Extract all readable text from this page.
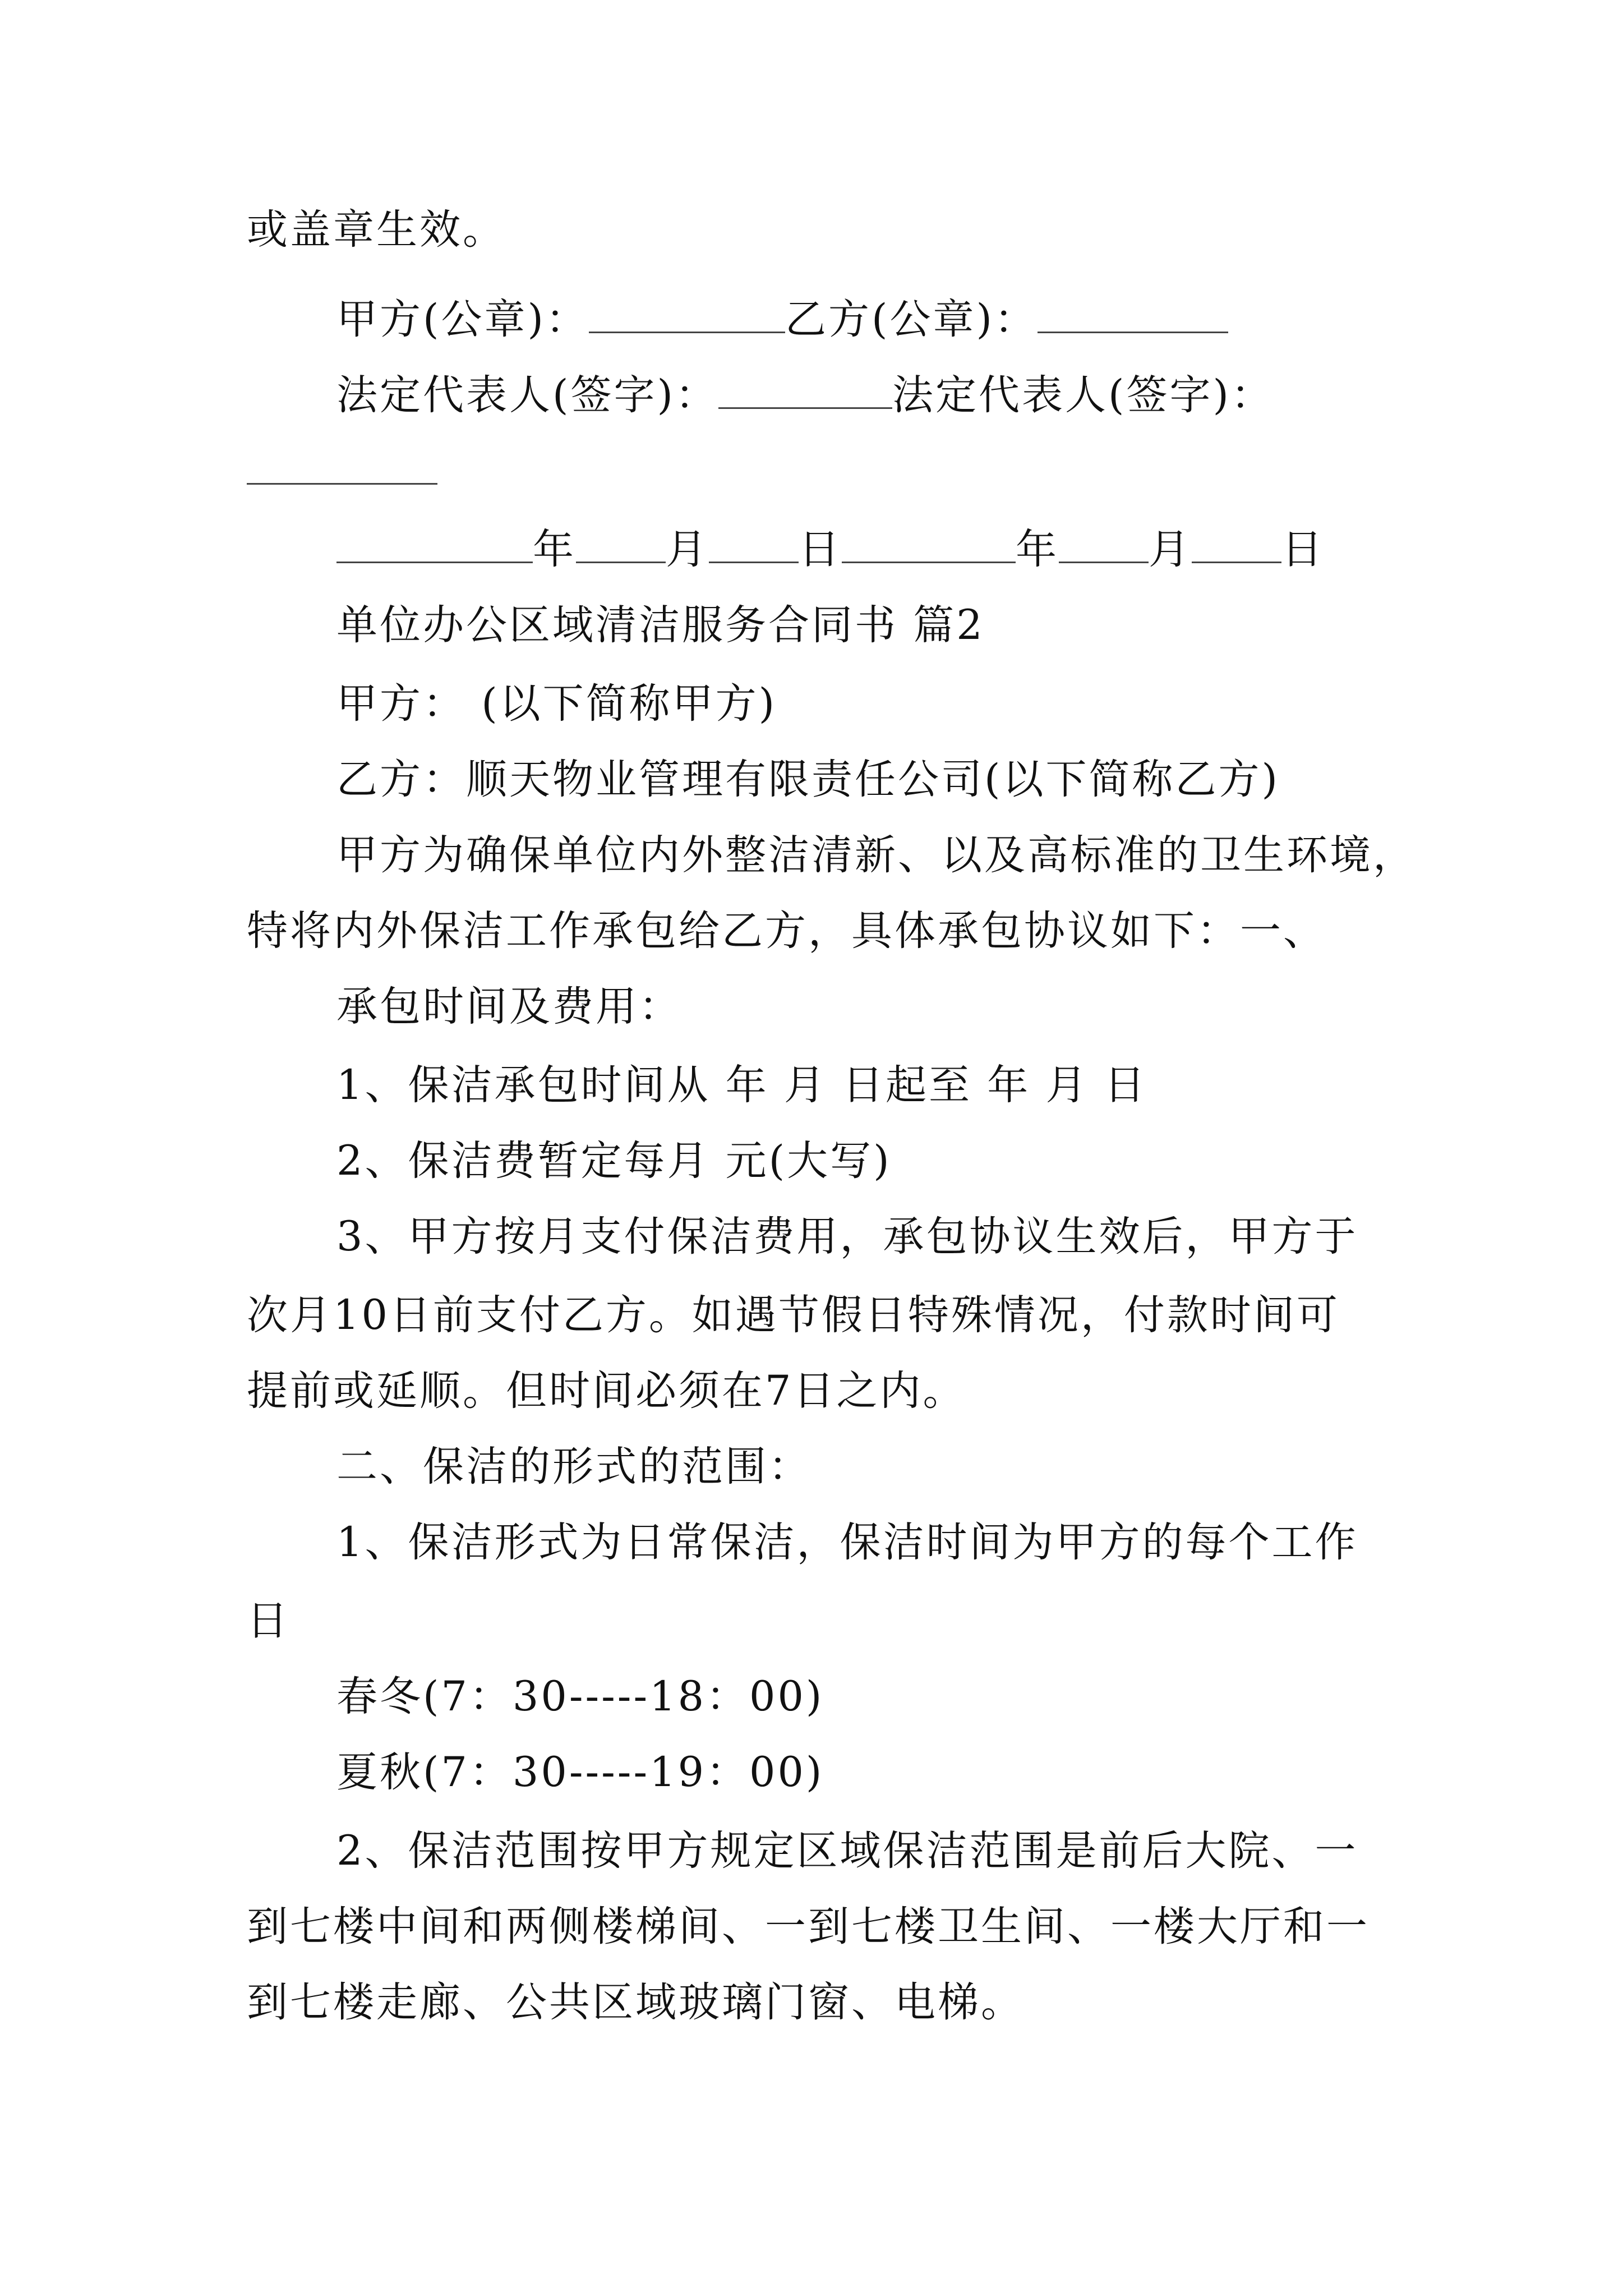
或盖章生效。
甲方(公章)：	乙方(公章)：
法定代表人(签字)：	法定代表人(签字)：
年 月 日	年 月 日
单位办公区域清洁服务合同书 篇2
甲方： (以下简称甲方)
乙方：顺天物业管理有限责任公司(以下简称乙方)
甲方为确保单位内外整洁清新、以及高标准的卫生环境，
特将内外保洁工作承包给乙方，具体承包协议如下：一、
承包时间及费用：
1、保洁承包时间从 年 月 日起至 年 月 日
2、保洁费暂定每月 元(大写)
3、甲方按月支付保洁费用，承包协议生效后，甲方于
次月10日前支付乙方。如遇节假日特殊情况，付款时间可
提前或延顺。但时间必须在7日之内。
二、保洁的形式的范围：
1、保洁形式为日常保洁，保洁时间为甲方的每个工作
日
春冬(7：30-----18：00)
夏秋(7：30-----19：00)
2、保洁范围按甲方规定区域保洁范围是前后大院、一
到七楼中间和两侧楼梯间、一到七楼卫生间、一楼大厅和一
到七楼走廊、公共区域玻璃门窗、电梯。
